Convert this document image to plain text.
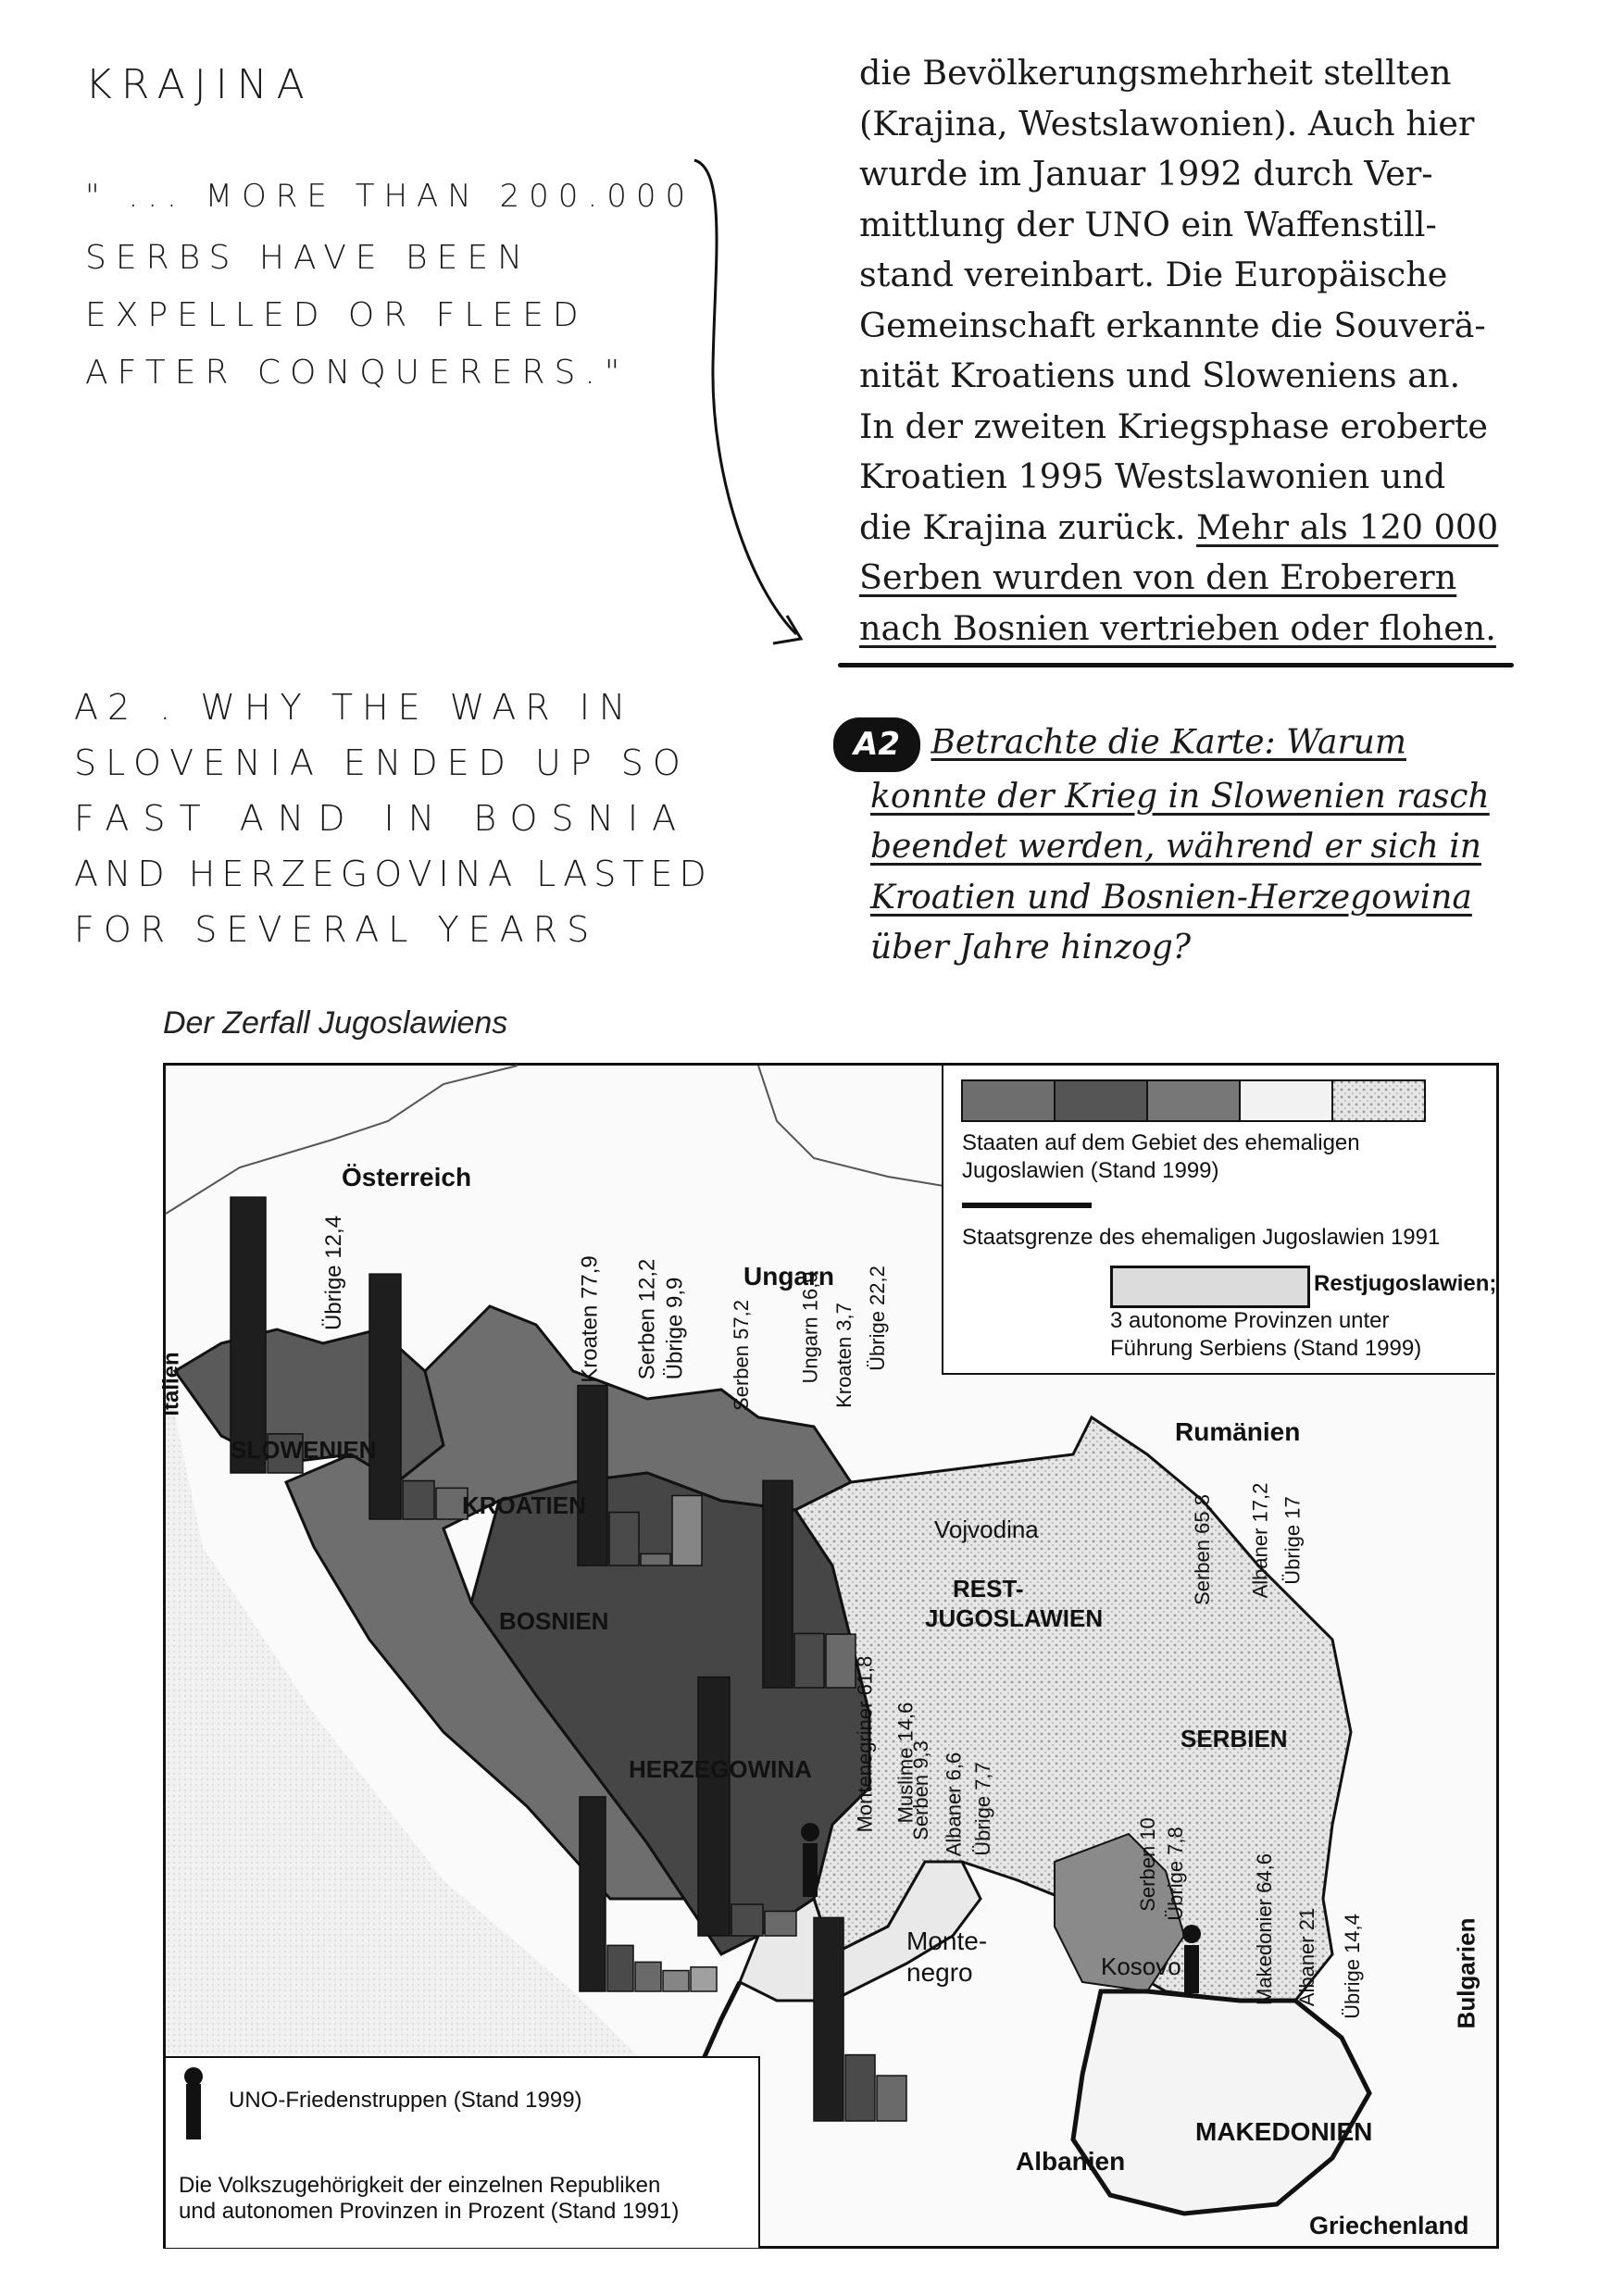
KRAJINA
" ... MORE THAN 200.000
SERBS HAVE BEEN
EXPELLED OR FLEED
AFTER CONQUERERS."
A2 . WHY THE WAR IN
SLOVENIA ENDED UP SO
FAST AND IN BOSNIA
AND HERZEGOVINA LASTED
FOR SEVERAL YEARS
die Bevölkerungsmehrheit stellten
(Krajina, Westslawonien). Auch hier
wurde im Januar 1992 durch Ver-
mittlung der UNO ein Waffenstill-
stand vereinbart. Die Europäische
Gemeinschaft erkannte die Souverä-
nität Kroatiens und Sloweniens an.
In der zweiten Kriegsphase eroberte
Kroatien 1995 Westslawonien und
die Krajina zurück. Mehr als 120 000
Serben wurden von den Eroberern
nach Bosnien vertrieben oder flohen.
A2 Betrachte die Karte: Warum
konnte der Krieg in Slowenien rasch
beendet werden, während er sich in
Kroatien und Bosnien-Herzegowina
über Jahre hinzog?
Der Zerfall Jugoslawiens
Staaten auf dem Gebiet des ehemaligen
Jugoslawien (Stand 1999)
Staatsgrenze des ehemaligen Jugoslawien 1991
Restjugoslawien;
3 autonome Provinzen unter
Führung Serbiens (Stand 1999)
UNO-Friedenstruppen (Stand 1999)
Die Volkszugehörigkeit der einzelnen Republiken
und autonomen Provinzen in Prozent (Stand 1991)
Österreich
Ungarn
Rumänien
Italien
Bulgarien
Albanien
Griechenland
Monte-
negro
SLOWENIEN
KROATIEN
BOSNIEN
HERZEGOWINA
REST-
JUGOSLAWIEN
Vojvodina
SERBIEN
Kosovo
MAKEDONIEN
Übrige 12,4	Kroaten 77,9 Serben 12,2 Übrige 9,9 Serben 57,2 Ungarn 16,9 Kroaten 3,7 Übrige 22,2
Serben 65,8 Albaner 17,2 Übrige 17
Montenegriner 61,8 Muslime 14,6
Serben 9,3 Albaner 6,6 Übrige 7,7
Serben 10 Übrige 7,8	Makedonier 64,6 Albaner 21 Übrige 14,4
